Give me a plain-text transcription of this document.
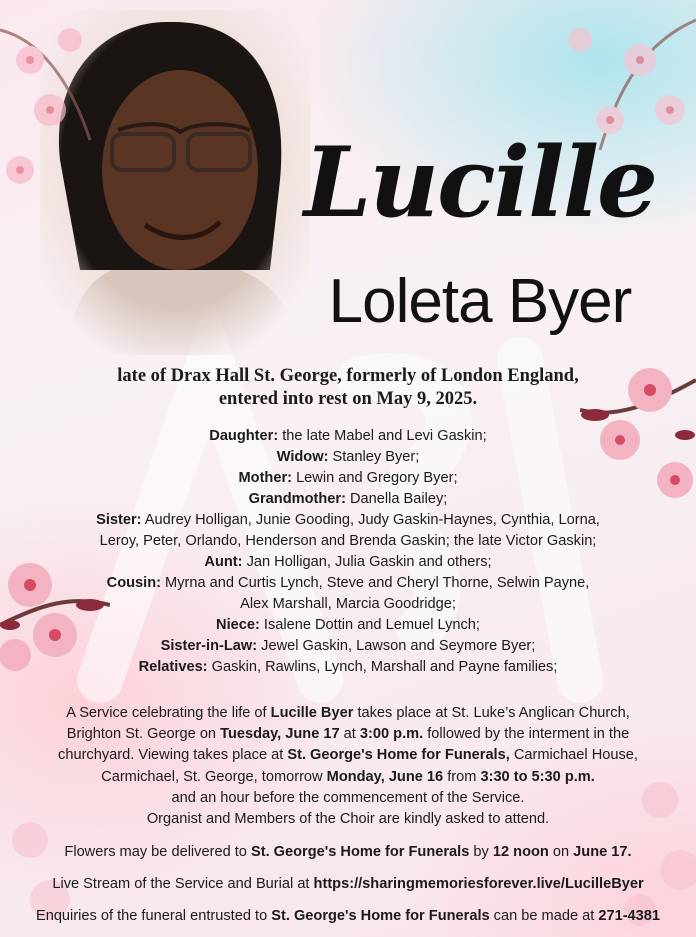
Lucille
Loleta Byer
late of Drax Hall St. George, formerly of London England,
entered into rest on May 9, 2025.
Daughter: the late Mabel and Levi Gaskin;
Widow: Stanley Byer;
Mother: Lewin and Gregory Byer;
Grandmother: Danella Bailey;
Sister: Audrey Holligan, Junie Gooding, Judy Gaskin-Haynes, Cynthia, Lorna,
Leroy, Peter, Orlando, Henderson and Brenda Gaskin; the late Victor Gaskin;
Aunt: Jan Holligan, Julia Gaskin and others;
Cousin: Myrna and Curtis Lynch, Steve and Cheryl Thorne, Selwin Payne,
Alex Marshall, Marcia Goodridge;
Niece: Isalene Dottin and Lemuel Lynch;
Sister-in-Law: Jewel Gaskin, Lawson and Seymore Byer;
Relatives: Gaskin, Rawlins, Lynch, Marshall and Payne families;
A Service celebrating the life of Lucille Byer takes place at St. Luke’s Anglican Church,
Brighton St. George on Tuesday, June 17 at 3:00 p.m. followed by the interment in the
churchyard. Viewing takes place at St. George's Home for Funerals, Carmichael House,
Carmichael, St. George, tomorrow Monday, June 16 from 3:30 to 5:30 p.m.
and an hour before the commencement of the Service.
Organist and Members of the Choir are kindly asked to attend.
Flowers may be delivered to St. George's Home for Funerals by 12 noon on June 17.
Live Stream of the Service and Burial at https://sharingmemoriesforever.live/LucilleByer
Enquiries of the funeral entrusted to St. George's Home for Funerals can be made at 271-4381
